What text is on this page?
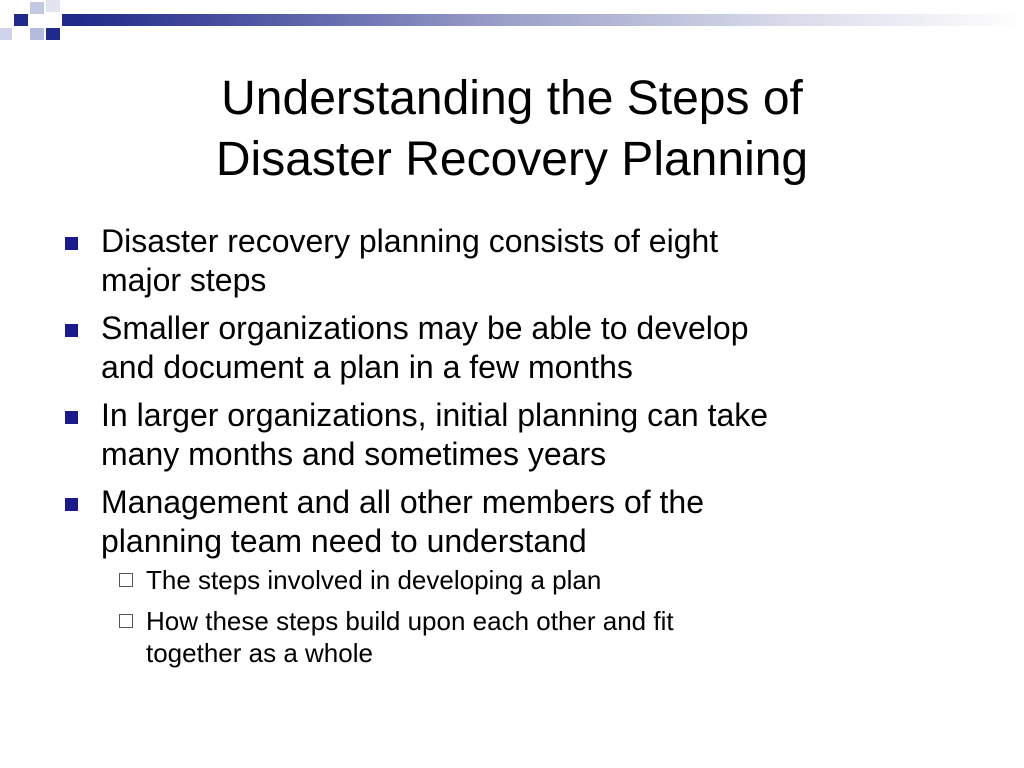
Understanding the Steps of
Disaster Recovery Planning
Disaster recovery planning consists of eight
major steps
Smaller organizations may be able to develop
and document a plan in a few months
In larger organizations, initial planning can take
many months and sometimes years
Management and all other members of the
planning team need to understand
The steps involved in developing a plan
How these steps build upon each other and fit
together as a whole
